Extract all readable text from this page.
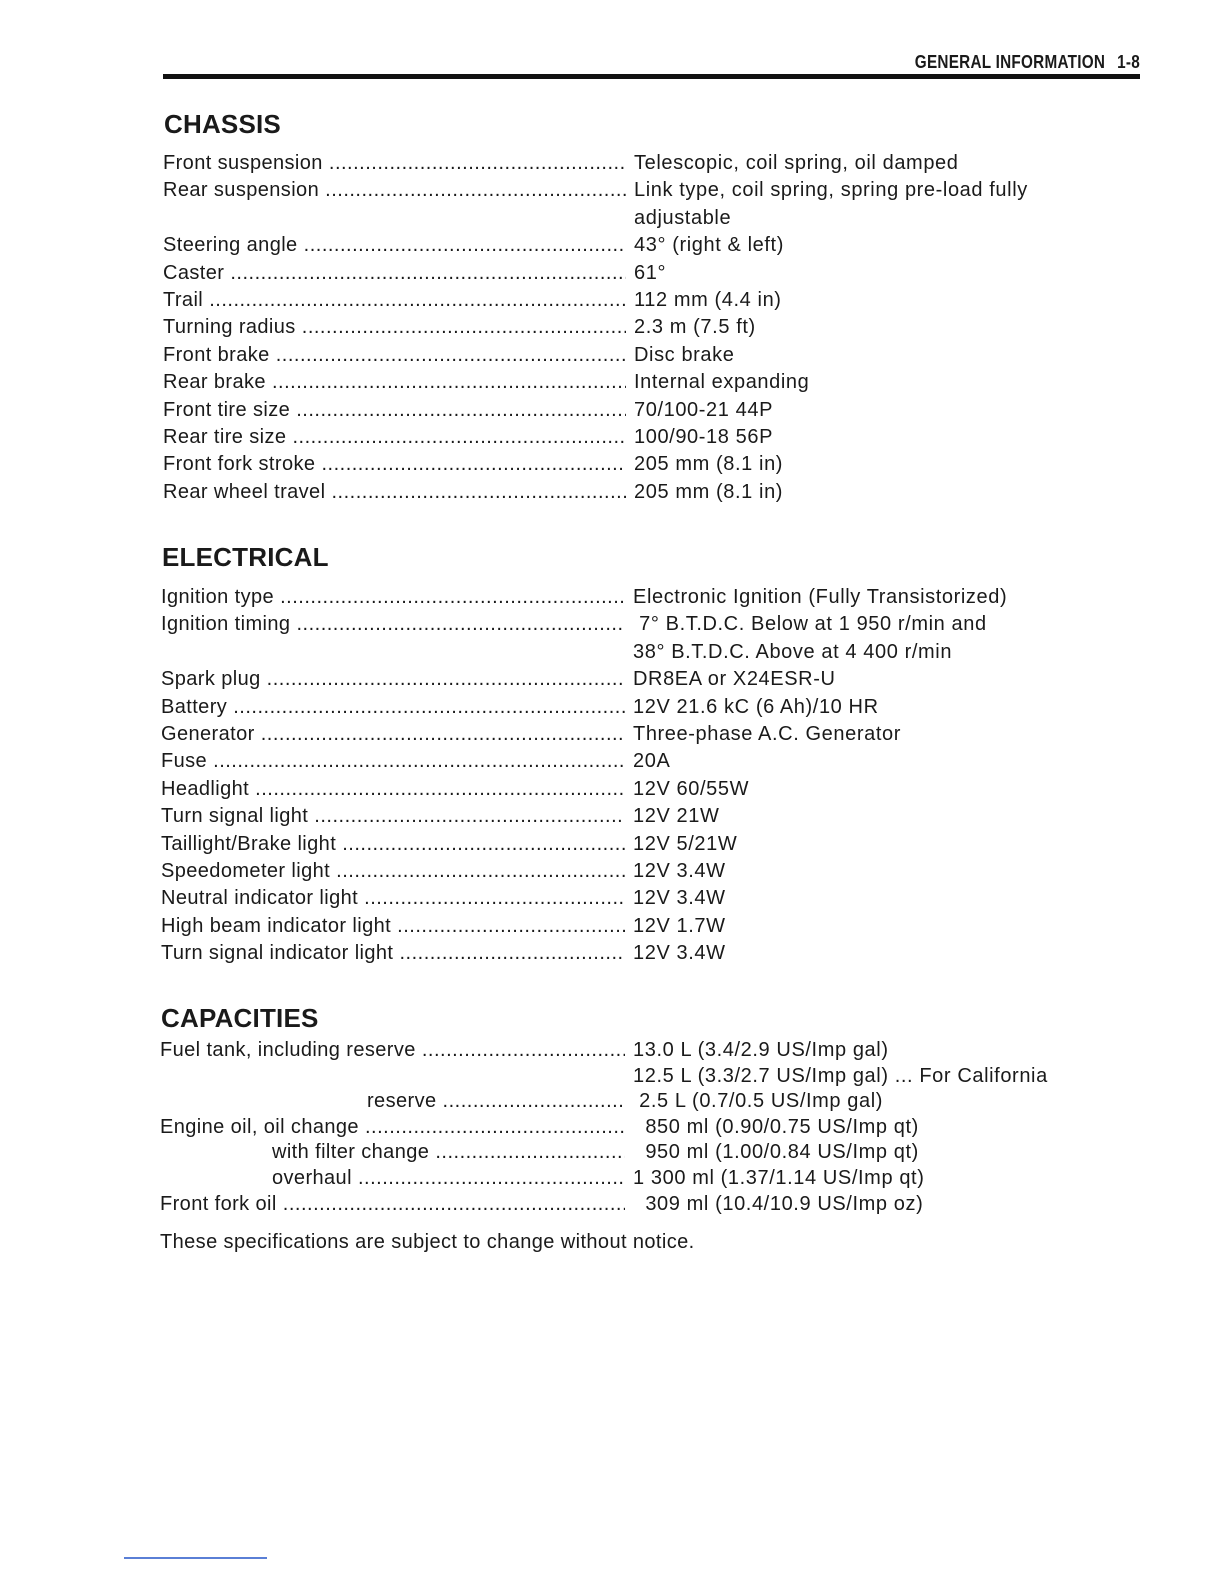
GENERAL INFORMATION 1-8
CHASSIS
Front suspension .....	Telescopic, coil spring, oil damped
Rear suspension .....	Link type, coil spring, spring pre-load fully
adjustable
Steering angle .....	43° (right & left)
Caster .....	61°
Trail .....	112 mm (4.4 in)
Turning radius .....	2.3 m (7.5 ft)
Front brake .....	Disc brake
Rear brake .....	Internal expanding
Front tire size .....	70/100-21 44P
Rear tire size .....	100/90-18 56P
Front fork stroke .....	205 mm (8.1 in)
Rear wheel travel .....	205 mm (8.1 in)
ELECTRICAL
Ignition type .....	Electronic Ignition (Fully Transistorized)
Ignition timing .....	7° B.T.D.C. Below at 1 950 r/min and
38° B.T.D.C. Above at 4 400 r/min
Spark plug .....	DR8EA or X24ESR-U
Battery .....	12V 21.6 kC (6 Ah)/10 HR
Generator .....	Three-phase A.C. Generator
Fuse .....	20A
Headlight .....	12V 60/55W
Turn signal light .....	12V 21W
Taillight/Brake light .....	12V 5/21W
Speedometer light .....	12V 3.4W
Neutral indicator light .....	12V 3.4W
High beam indicator light .....	12V 1.7W
Turn signal indicator light .....	12V 3.4W
CAPACITIES
Fuel tank, including reserve .....	13.0 L (3.4/2.9 US/Imp gal)
12.5 L (3.3/2.7 US/Imp gal) ... For California
reserve .....	2.5 L (0.7/0.5 US/Imp gal)
Engine oil, oil change .....	850 ml (0.90/0.75 US/Imp qt)
with filter change .....	950 ml (1.00/0.84 US/Imp qt)
overhaul .....	1 300 ml (1.37/1.14 US/Imp qt)
Front fork oil .....	309 ml (10.4/10.9 US/Imp oz)
These specifications are subject to change without notice.
